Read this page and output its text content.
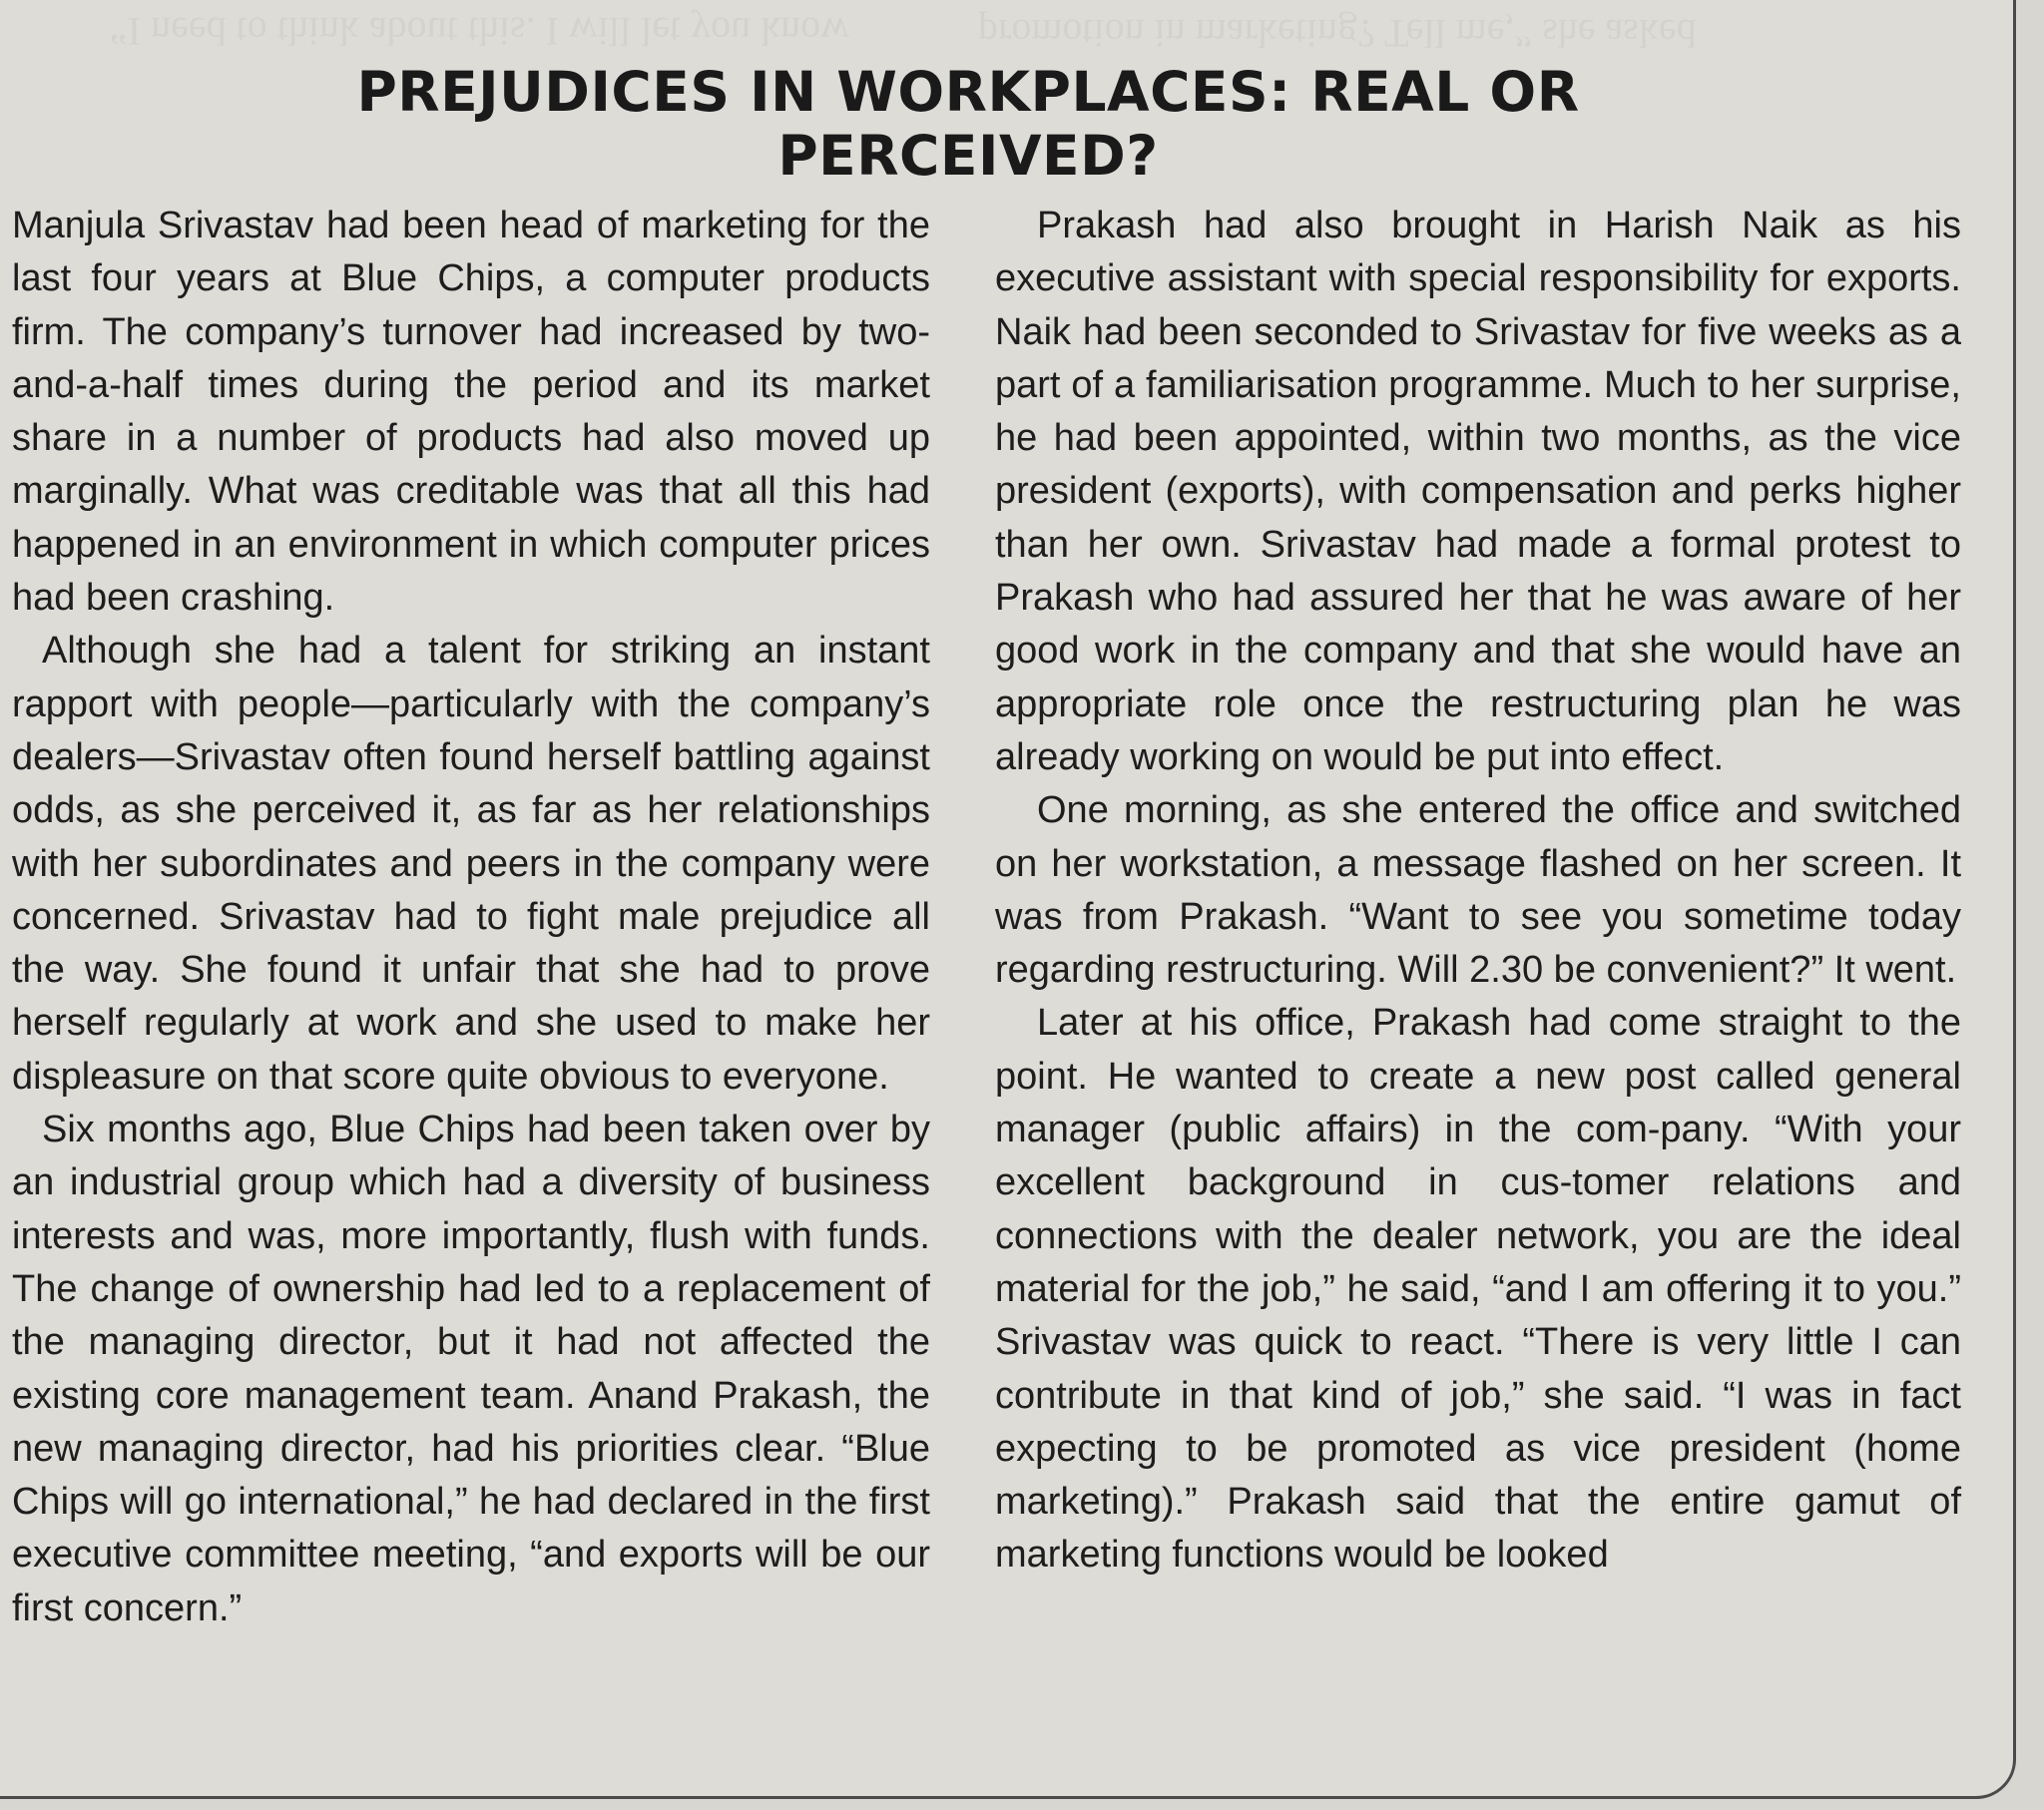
PREJUDICES IN WORKPLACES: REAL OR PERCEIVED?

Manjula Srivastav had been head of marketing for the last four years at Blue Chips, a computer products firm. The company’s turnover had increased by two-and-a-half times during the period and its market share in a number of products had also moved up marginally. What was creditable was that all this had happened in an environment in which computer prices had been crashing.

Although she had a talent for striking an instant rapport with people—particularly with the company’s dealers—Srivastav often found herself battling against odds, as she perceived it, as far as her relationships with her subordinates and peers in the company were concerned. Srivastav had to fight male prejudice all the way. She found it unfair that she had to prove herself regularly at work and she used to make her displeasure on that score quite obvious to everyone.

Six months ago, Blue Chips had been taken over by an industrial group which had a diversity of business interests and was, more importantly, flush with funds. The change of ownership had led to a replacement of the managing director, but it had not affected the existing core management team. Anand Prakash, the new managing director, had his priorities clear. “Blue Chips will go international,” he had declared in the first executive committee meeting, “and exports will be our first concern.”

Prakash had also brought in Harish Naik as his executive assistant with special responsibility for exports. Naik had been seconded to Srivastav for five weeks as a part of a familiarisation programme. Much to her surprise, he had been appointed, within two months, as the vice president (exports), with compensation and perks higher than her own. Srivastav had made a formal protest to Prakash who had assured her that he was aware of her good work in the company and that she would have an appropriate role once the restructuring plan he was already working on would be put into effect.

One morning, as she entered the office and switched on her workstation, a message flashed on her screen. It was from Prakash. “Want to see you sometime today regarding restructuring. Will 2.30 be convenient?” It went.

Later at his office, Prakash had come straight to the point. He wanted to create a new post called general manager (public affairs) in the com-pany. “With your excellent background in cus-tomer relations and connections with the dealer network, you are the ideal material for the job,” he said, “and I am offering it to you.” Srivastav was quick to react. “There is very little I can contribute in that kind of job,” she said. “I was in fact expecting to be promoted as vice president (home marketing).” Prakash said that the entire gamut of marketing functions would be looked
